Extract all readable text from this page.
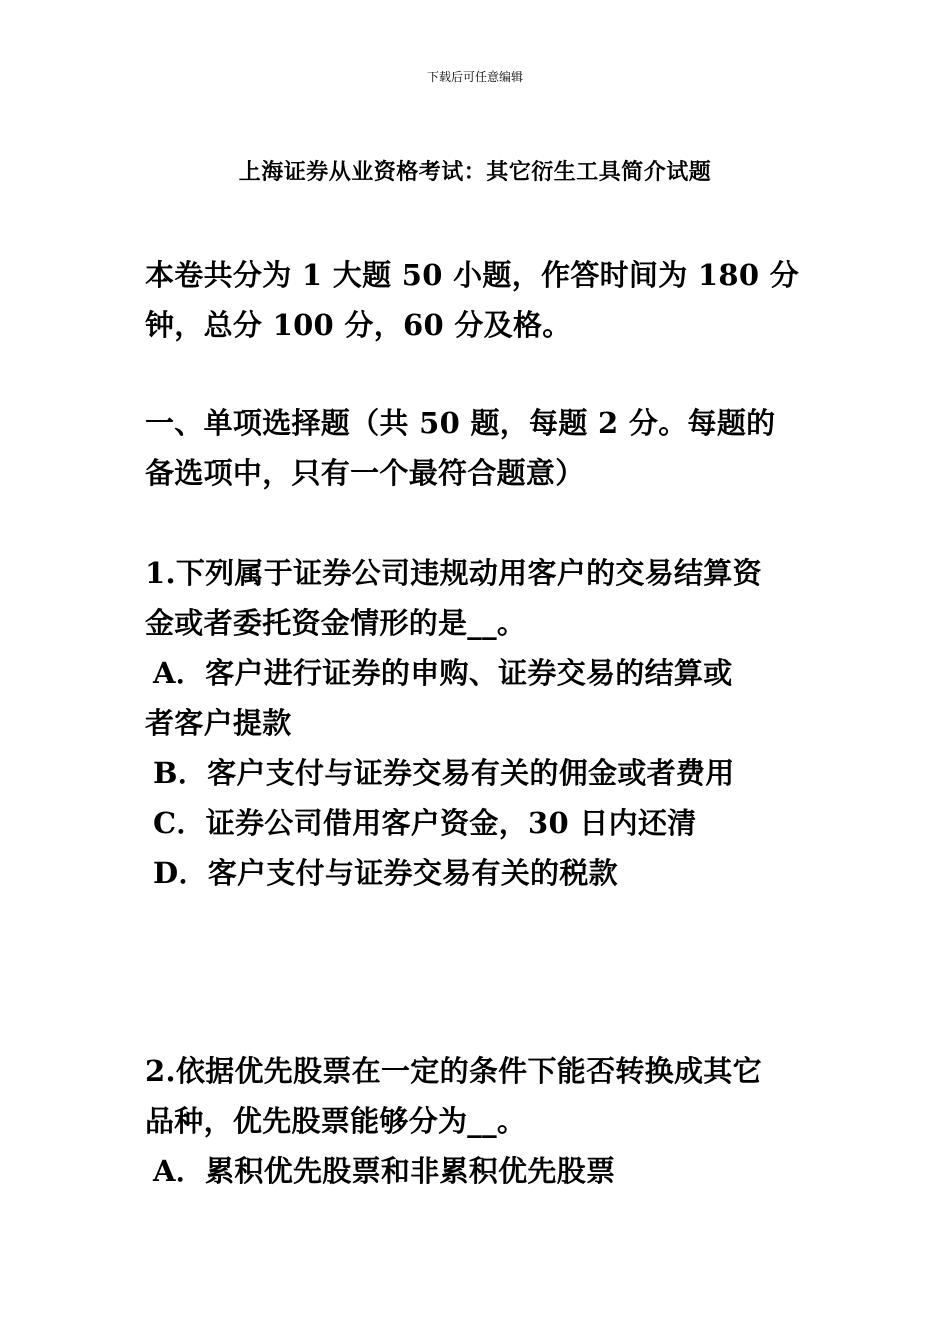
下载后可任意编辑
上海证券从业资格考试：其它衍生工具简介试题
本卷共分为 1 大题 50 小题，作答时间为 180 分
钟，总分 100 分，60 分及格。
一、单项选择题（共 50 题，每题 2 分。每题的
备选项中，只有一个最符合题意）
1.下列属于证券公司违规动用客户的交易结算资
金或者委托资金情形的是__。
A．客户进行证券的申购、证券交易的结算或
者客户提款
B．客户支付与证券交易有关的佣金或者费用
C．证券公司借用客户资金，30 日内还清
D．客户支付与证券交易有关的税款
2.依据优先股票在一定的条件下能否转换成其它
品种，优先股票能够分为__。
A．累积优先股票和非累积优先股票
